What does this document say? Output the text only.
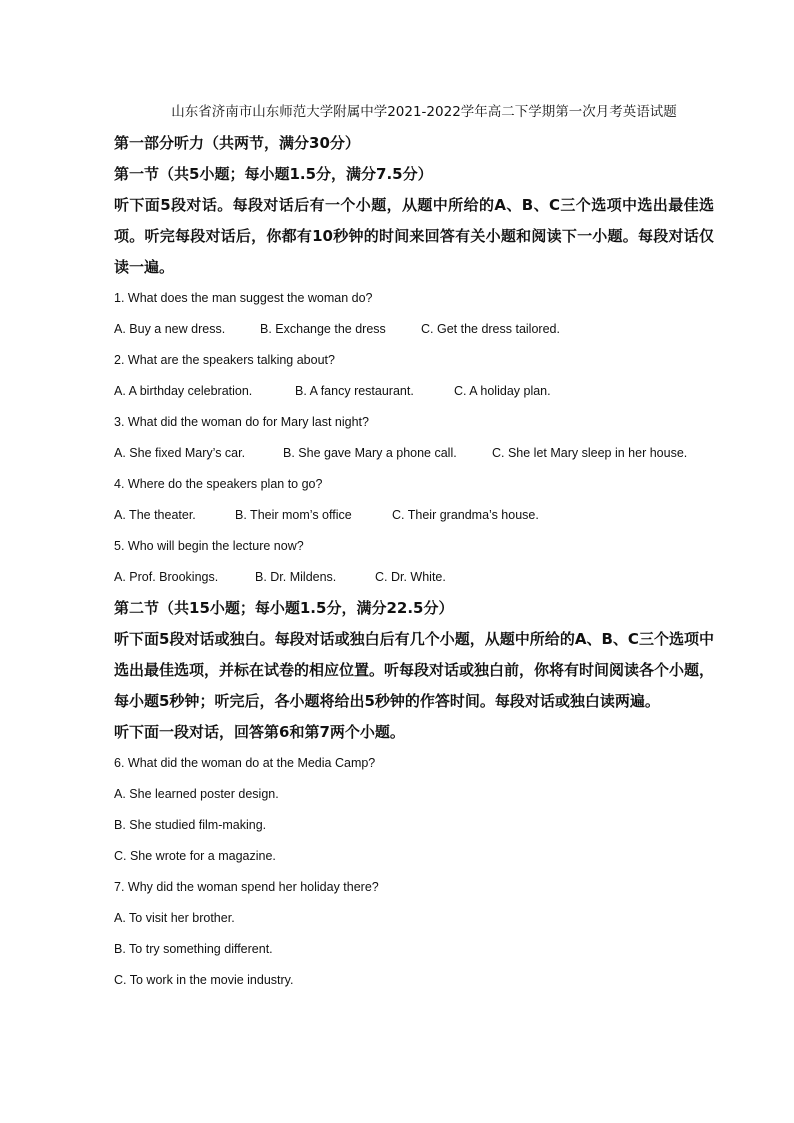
山东省济南市山东师范大学附属中学2021-2022学年高二下学期第一次月考英语试题

第一部分听力（共两节，满分30分）

第一节（共5小题；每小题1.5分，满分7.5分）

听下面5段对话。每段对话后有一个小题，从题中所给的A、B、C三个选项中选出最佳选项。听完每段对话后，你都有10秒钟的时间来回答有关小题和阅读下一小题。每段对话仅读一遍。

1. What does the man suggest the woman do?

A. Buy a new dress.	B. Exchange the dress	C. Get the dress tailored.

2. What are the speakers talking about?

A. A birthday celebration.	B. A fancy restaurant.	C. A holiday plan.

3. What did the woman do for Mary last night?

A. She fixed Mary’s car.	B. She gave Mary a phone call.	C. She let Mary sleep in her house.

4. Where do the speakers plan to go?

A. The theater.	B. Their mom’s office	C. Their grandma’s house.

5. Who will begin the lecture now?

A. Prof. Brookings.	B. Dr. Mildens.	C. Dr. White.

第二节（共15小题；每小题1.5分，满分22.5分）

听下面5段对话或独白。每段对话或独白后有几个小题，从题中所给的A、B、C三个选项中选出最佳选项，并标在试卷的相应位置。听每段对话或独白前，你将有时间阅读各个小题，每小题5秒钟；听完后，各小题将给出5秒钟的作答时间。每段对话或独白读两遍。

听下面一段对话，回答第6和第7两个小题。

6. What did the woman do at the Media Camp?

A. She learned poster design.

B. She studied film-making.

C. She wrote for a magazine.

7. Why did the woman spend her holiday there?

A. To visit her brother.

B. To try something different.

C. To work in the movie industry.
